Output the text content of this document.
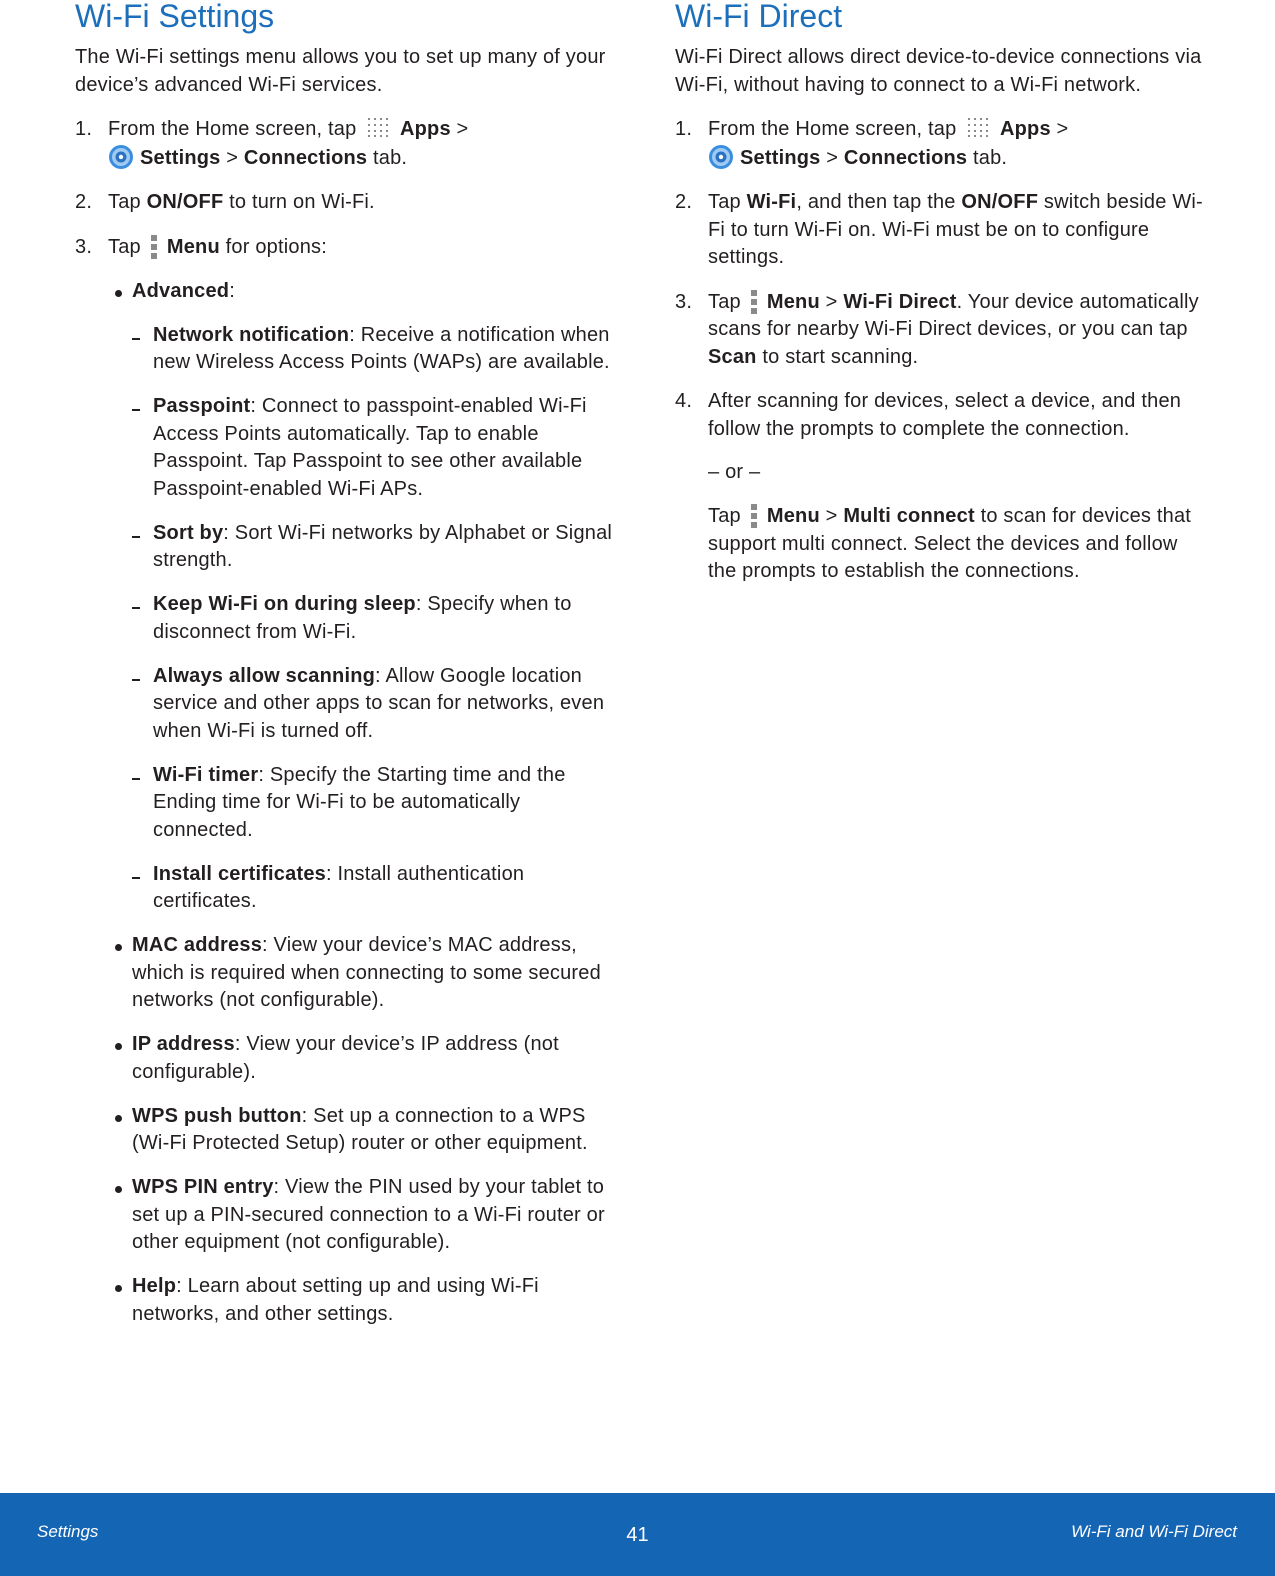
Wi-Fi Settings

The Wi-Fi settings menu allows you to set up many of your device’s advanced Wi-Fi services.

1. From the Home screen, tap Apps >
Settings > Connections tab.
2. Tap ON/OFF to turn on Wi-Fi.
3. Tap Menu for options:
Advanced:
Network notification: Receive a notification when new Wireless Access Points (WAPs) are available.
Passpoint: Connect to passpoint-enabled Wi-Fi Access Points automatically. Tap to enable Passpoint. Tap Passpoint to see other available Passpoint-enabled Wi-Fi APs.
Sort by: Sort Wi-Fi networks by Alphabet or Signal strength.
Keep Wi-Fi on during sleep: Specify when to disconnect from Wi-Fi.
Always allow scanning: Allow Google location service and other apps to scan for networks, even when Wi-Fi is turned off.
Wi-Fi timer: Specify the Starting time and the Ending time for Wi-Fi to be automatically connected.
Install certificates: Install authentication certificates.
MAC address: View your device’s MAC address, which is required when connecting to some secured networks (not configurable).
IP address: View your device’s IP address (not configurable).
WPS push button: Set up a connection to a WPS (Wi-Fi Protected Setup) router or other equipment.
WPS PIN entry: View the PIN used by your tablet to set up a PIN-secured connection to a Wi-Fi router or other equipment (not configurable).
Help: Learn about setting up and using Wi-Fi networks, and other settings.
Wi-Fi Direct

Wi-Fi Direct allows direct device-to-device connections via Wi-Fi, without having to connect to a Wi-Fi network.

1. From the Home screen, tap Apps >
Settings > Connections tab.
2. Tap Wi-Fi, and then tap the ON/OFF switch beside Wi-Fi to turn Wi-Fi on. Wi-Fi must be on to configure settings.
3. Tap Menu > Wi-Fi Direct. Your device automatically scans for nearby Wi-Fi Direct devices, or you can tap Scan to start scanning.
4. After scanning for devices, select a device, and then follow the prompts to complete the connection.

– or –

Tap Menu > Multi connect to scan for devices that support multi connect. Select the devices and follow the prompts to establish the connections.

Settings	41	Wi-Fi and Wi-Fi Direct
